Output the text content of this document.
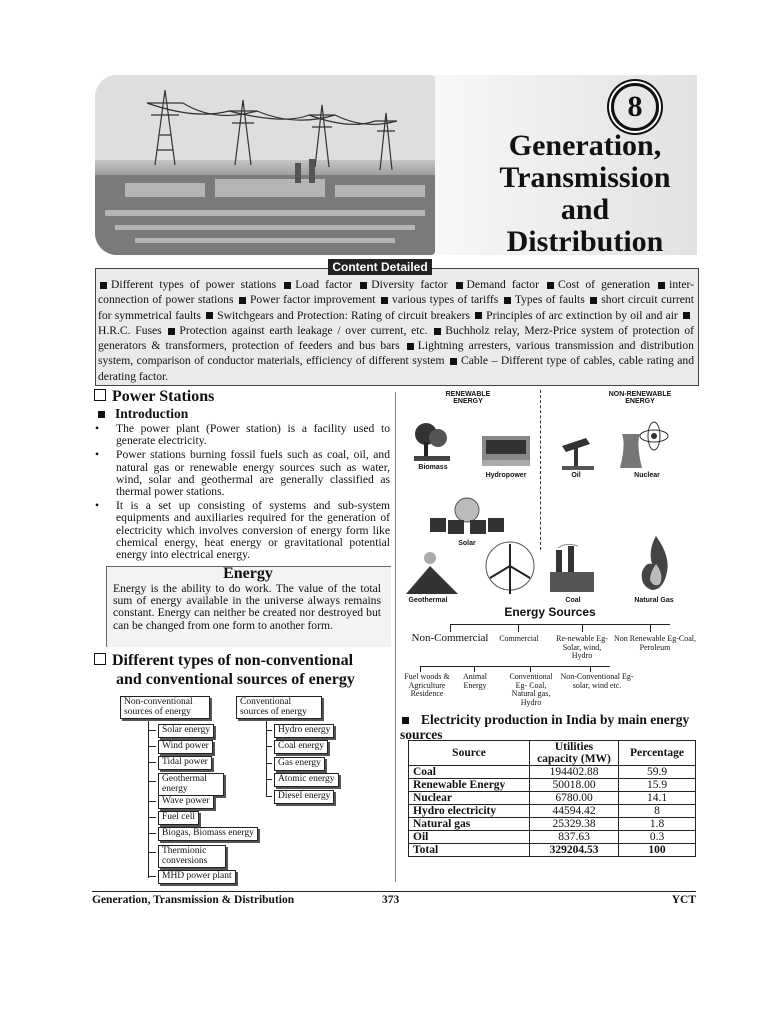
8
Generation,
Transmission
and
Distribution
Content Detailed
Different types of power stations Load factor Diversity factor Demand factor Cost of generation inter-connection of power stations Power factor improvement various types of tariffs Types of faults short circuit current for symmetrical faults Switchgears and Protection: Rating of circuit breakers Principles of arc extinction by oil and air H.R.C. Fuses Protection against earth leakage / over current, etc. Buchholz relay, Merz-Price system of protection of generators & transformers, protection of feeders and bus bars Lightning arresters, various transmission and distribution system, comparison of conductor materials, efficiency of different system Cable – Different type of cables, cable rating and derating factor.
Power Stations
Introduction
• The power plant (Power station) is a facility used to generate electricity.
• Power stations burning fossil fuels such as coal, oil, and natural gas or renewable energy sources such as water, wind, solar and geothermal are generally classified as thermal power stations.
• It is a set up consisting of systems and sub-system equipments and auxiliaries required for the generation of electricity which involves conversion of energy form like chemical energy, heat energy or gravitational potential energy into electrical energy.
Energy
Energy is the ability to do work. The value of the total sum of energy available in the universe always remains constant. Energy can neither be created nor destroyed but can be changed from one form to another form.
Different types of non-conventional
and conventional sources of energy
Non-conventional sources of energy
Conventional sources of energy
Solar energy
Wind power
Tidal power
Geothermal energy
Wave power
Fuel cell
Biogas, Biomass energy
Thermionic conversions
MHD power plant
Hydro energy
Coal energy
Gas energy
Atomic energy
Diesel energy
RENEWABLE ENERGY
NON-RENEWABLE ENERGY
Biomass
Hydropower	Oil	Nuclear
Solar
Geothermal	Coal	Natural Gas
Energy Sources
Non-Commercial	Commercial	Re-newable Eg- Solar, wind, Hydro
Non Renewable Eg-Coal, Peroleum
Fuel woods & Agriculture Residence
Animal Energy
Conventional Eg- Coal, Natural gas, Hydro
Non-Conventional Eg- solar, wind etc.
Electricity production in India by main energy sources
Source	Utilities capacity (MW)	Percentage
Coal	194402.88	59.9
Renewable Energy	50018.00	15.9
Nuclear	6780.00	14.1
Hydro electricity	44594.42	8
Natural gas	25329.38	1.8
Oil	837.63	0.3
Total	329204.53	100
Generation, Transmission & Distribution	373	YCT
